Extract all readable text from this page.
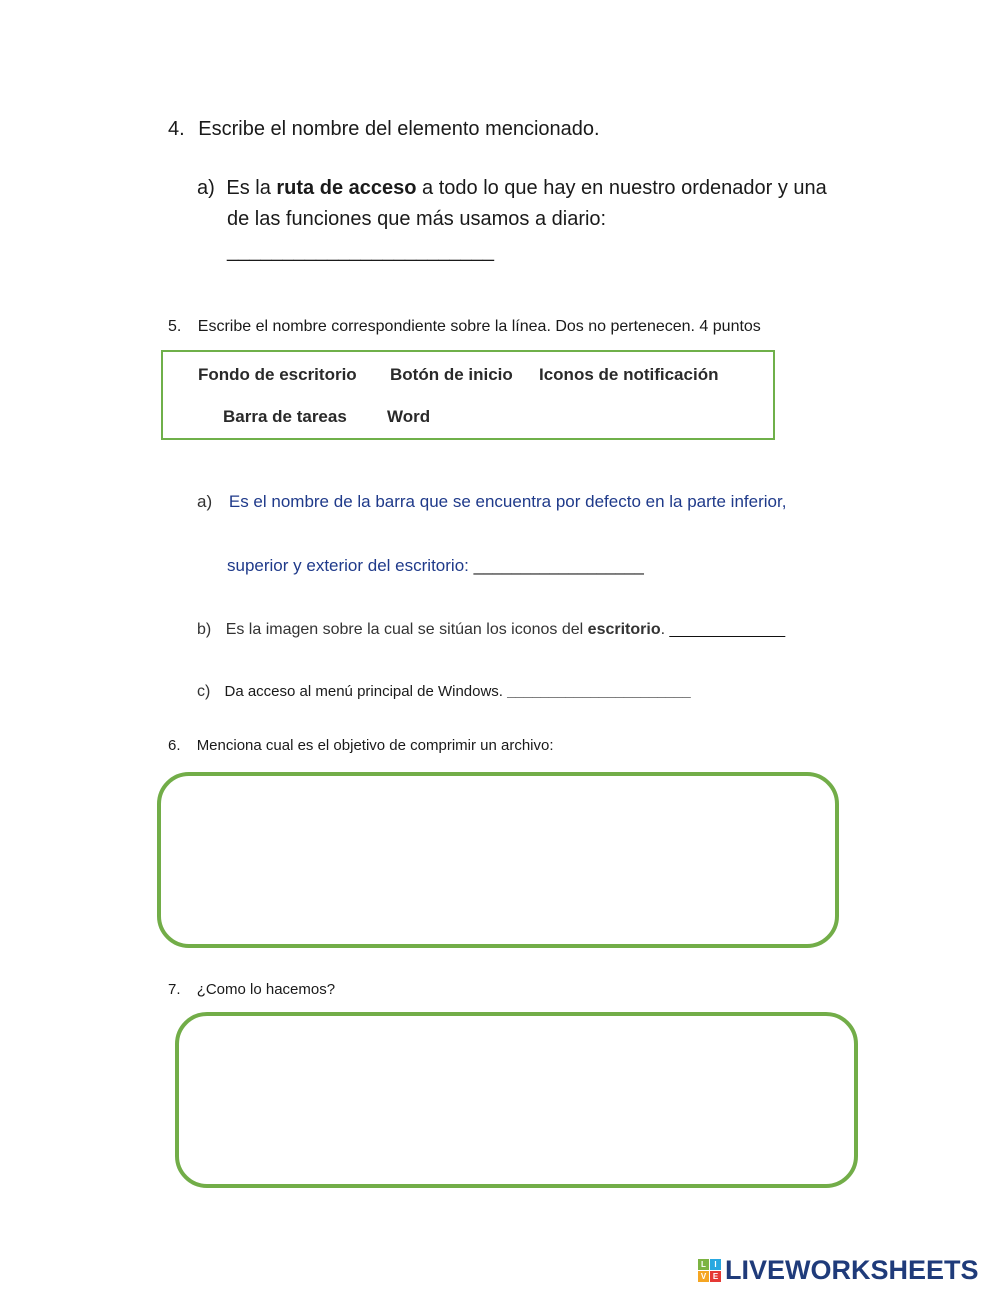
4. Escribe el nombre del elemento mencionado.
a) Es la ruta de acceso a todo lo que hay en nuestro ordenador y una
de las funciones que más usamos a diario:
________________________
5. Escribe el nombre correspondiente sobre la línea. Dos no pertenecen. 4 puntos
Fondo de escritorio Botón de inicio Iconos de notificación
Barra de tareas Word
a) Es el nombre de la barra que se encuentra por defecto en la parte inferior,
superior y exterior del escritorio: __________________
b) Es la imagen sobre la cual se sitúan los iconos del escritorio. _____________
c) Da acceso al menú principal de Windows. ______________________
6. Menciona cual es el objetivo de comprimir un archivo:
7. ¿Como lo hacemos?
L	I
V E LIVEWORKSHEETS
